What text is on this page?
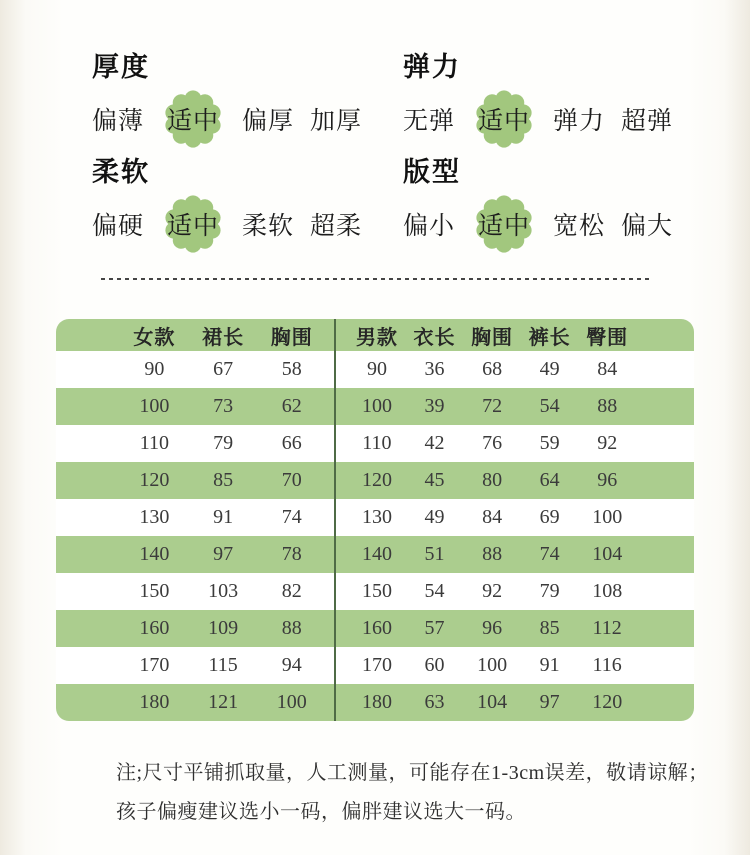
厚度
偏薄 适中 偏厚 加厚
弹力
无弹 适中 弹力 超弹
柔软
偏硬 适中 柔软 超柔
版型
偏小 适中 宽松 偏大
女款	裙长	胸围	男款 衣长 胸围 裤长 臀围
90	67	58	90	36	68	49	84
100	73	62	100	39	72	54	88
110	79	66	110	42	76	59	92
120	85	70	120	45	80	64	96
130	91	74	130	49	84	69	100
140	97	78	140	51	88	74	104
150	103	82	150	54	92	79	108
160	109	88	160	57	96	85	112
170	115	94	170	60	100	91	116
180	121	100	180	63	104	97	120

注;尺寸平铺抓取量，人工测量，可能存在1-3cm误差，敬请谅解；

孩子偏瘦建议选小一码，偏胖建议选大一码。
